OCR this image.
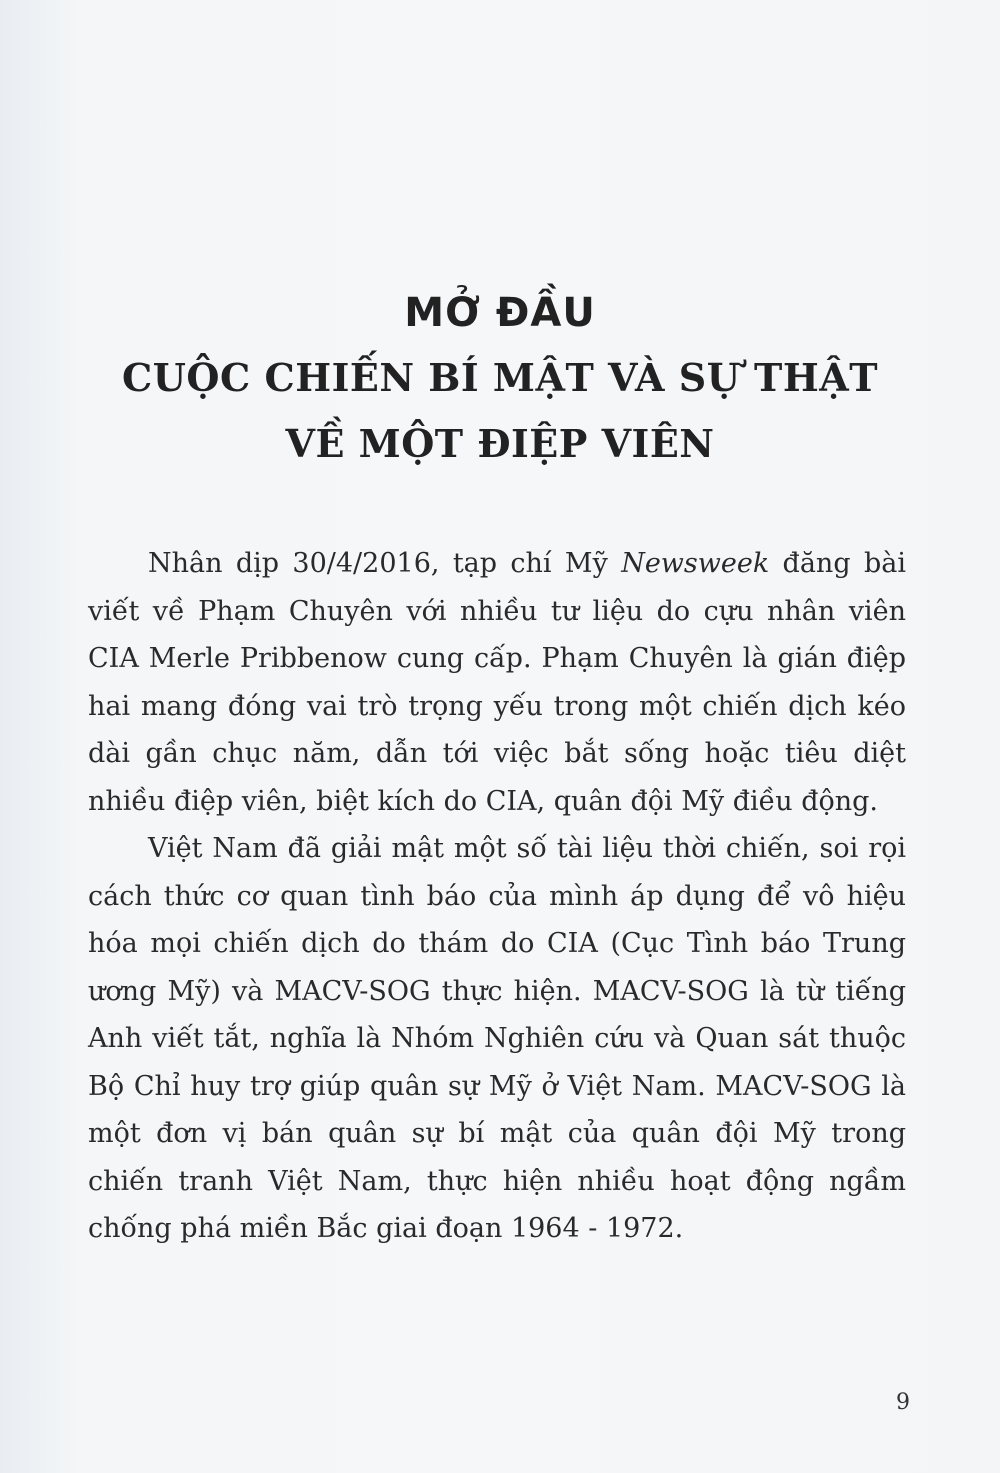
MỞ ĐẦU

CUỘC CHIẾN BÍ MẬT VÀ SỰ THẬT

VỀ MỘT ĐIỆP VIÊN

Nhân dịp 30/4/2016, tạp chí Mỹ Newsweek đăng bài viết về Phạm Chuyên với nhiều tư liệu do cựu nhân viên CIA Merle Pribbenow cung cấp. Phạm Chuyên là gián điệp hai mang đóng vai trò trọng yếu trong một chiến dịch kéo dài gần chục năm, dẫn tới việc bắt sống hoặc tiêu diệt nhiều điệp viên, biệt kích do CIA, quân đội Mỹ điều động.

Việt Nam đã giải mật một số tài liệu thời chiến, soi rọi cách thức cơ quan tình báo của mình áp dụng để vô hiệu hóa mọi chiến dịch do thám do CIA (Cục Tình báo Trung ương Mỹ) và MACV-SOG thực hiện. MACV-SOG là từ tiếng Anh viết tắt, nghĩa là Nhóm Nghiên cứu và Quan sát thuộc Bộ Chỉ huy trợ giúp quân sự Mỹ ở Việt Nam. MACV-SOG là một đơn vị bán quân sự bí mật của quân đội Mỹ trong chiến tranh Việt Nam, thực hiện nhiều hoạt động ngầm chống phá miền Bắc giai đoạn 1964 - 1972.

9
